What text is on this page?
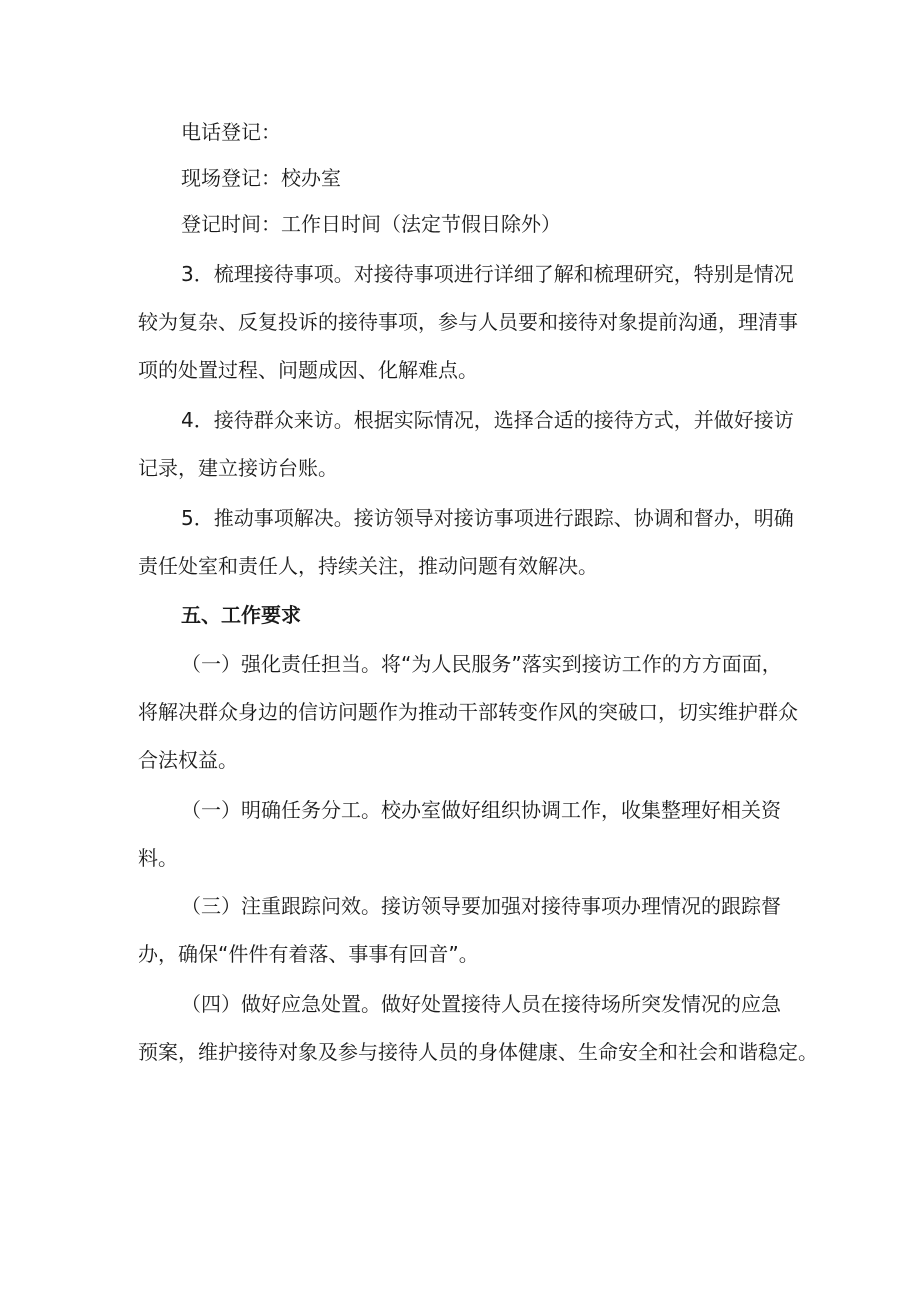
电话登记：
现场登记：校办室
登记时间：工作日时间（法定节假日除外）
3．梳理接待事项。对接待事项进行详细了解和梳理研究，特别是情况
较为复杂、反复投诉的接待事项，参与人员要和接待对象提前沟通，理清事
项的处置过程、问题成因、化解难点。
4．接待群众来访。根据实际情况，选择合适的接待方式，并做好接访
记录，建立接访台账。
5．推动事项解决。接访领导对接访事项进行跟踪、协调和督办，明确
责任处室和责任人，持续关注，推动问题有效解决。
五、工作要求
（一）强化责任担当。将“为人民服务”落实到接访工作的方方面面，
将解决群众身边的信访问题作为推动干部转变作风的突破口，切实维护群众
合法权益。
（一）明确任务分工。校办室做好组织协调工作，收集整理好相关资
料。
（三）注重跟踪问效。接访领导要加强对接待事项办理情况的跟踪督
办，确保“件件有着落、事事有回音”。
（四）做好应急处置。做好处置接待人员在接待场所突发情况的应急
预案，维护接待对象及参与接待人员的身体健康、生命安全和社会和谐稳定。
